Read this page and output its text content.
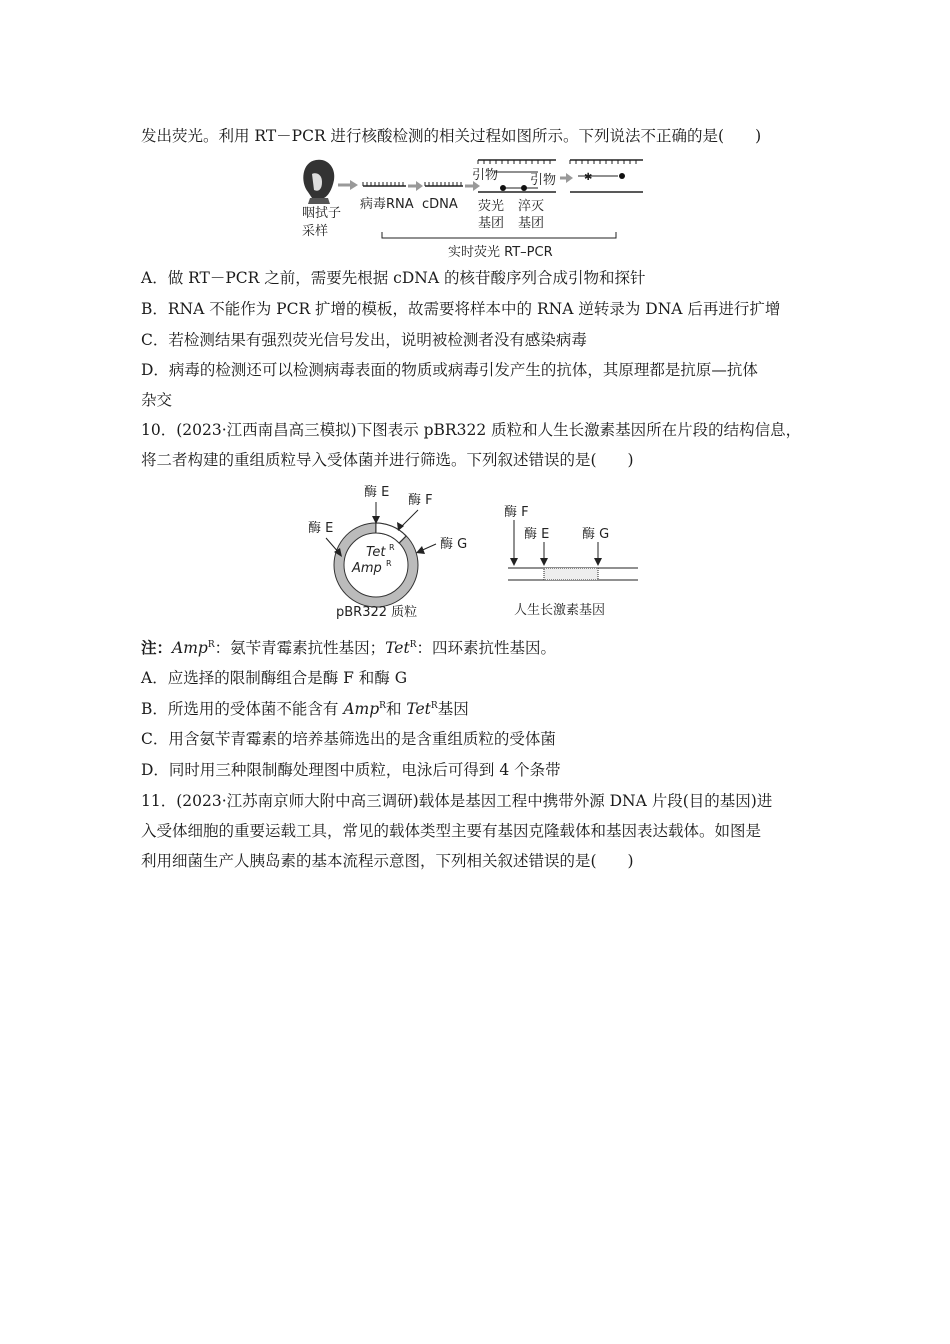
发出荧光。利用 RT－PCR 进行核酸检测的相关过程如图所示。下列说法不正确的是(　　)
咽拭子
采样
病毒RNA cDNA
引物
荧光
基团
淬灭
基团
引物	✱
实时荧光 RT–PCR
A．做 RT－PCR 之前，需要先根据 cDNA 的核苷酸序列合成引物和探针
B．RNA 不能作为 PCR 扩增的模板，故需要将样本中的 RNA 逆转录为 DNA 后再进行扩增
C．若检测结果有强烈荧光信号发出，说明被检测者没有感染病毒
D．病毒的检测还可以检测病毒表面的物质或病毒引发产生的抗体，其原理都是抗原—抗体
杂交
10．(2023·江西南昌高三模拟)下图表示 pBR322 质粒和人生长激素基因所在片段的结构信息，
将二者构建的重组质粒导入受体菌并进行筛选。下列叙述错误的是(　　)
Tet R
Amp R
酶 E
酶 F
酶 E
酶 G
pBR322 质粒
酶 F
酶 E	酶 G
人生长激素基因
注：Amp$^R$：氨苄青霉素抗性基因；Tet$^R$：四环素抗性基因。
A．应选择的限制酶组合是酶 F 和酶 G
B．所选用的受体菌不能含有 Amp$^R$和 Tet$^R$基因
C．用含氨苄青霉素的培养基筛选出的是含重组质粒的受体菌
D．同时用三种限制酶处理图中质粒，电泳后可得到 4 个条带
11．(2023·江苏南京师大附中高三调研)载体是基因工程中携带外源 DNA 片段(目的基因)进
入受体细胞的重要运载工具，常见的载体类型主要有基因克隆载体和基因表达载体。如图是
利用细菌生产人胰岛素的基本流程示意图，下列相关叙述错误的是(　　)
